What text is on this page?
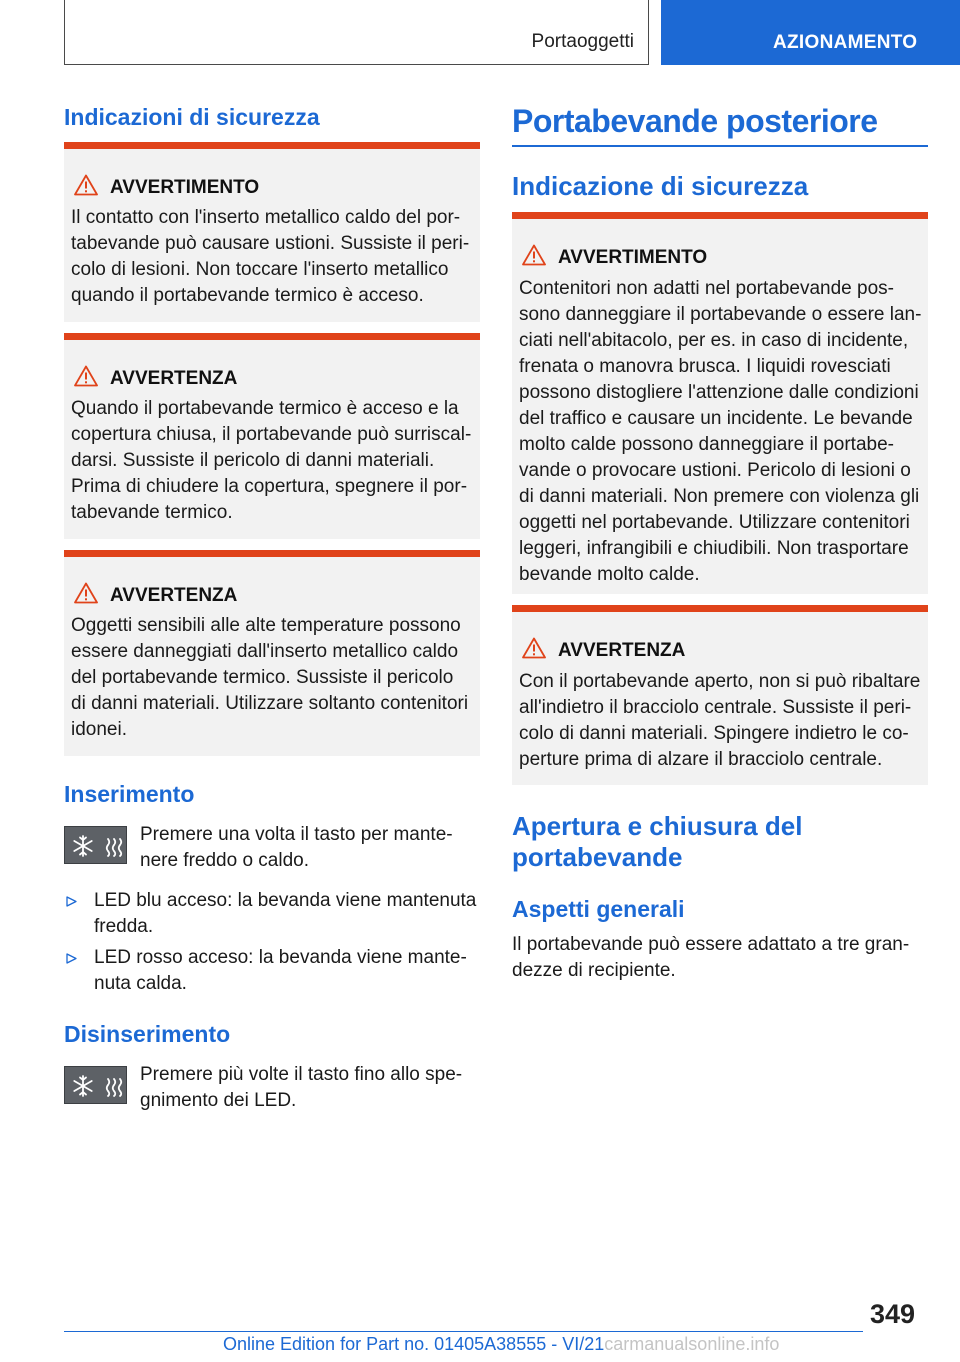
Portaoggetti	AZIONAMENTO
Indicazioni di sicurezza
AVVERTIMENTO
Il contatto con l'inserto metallico caldo del por-
tabevande può causare ustioni. Sussiste il peri-
colo di lesioni. Non toccare l'inserto metallico
quando il portabevande termico è acceso.
AVVERTENZA
Quando il portabevande termico è acceso e la
copertura chiusa, il portabevande può surriscal-
darsi. Sussiste il pericolo di danni materiali.
Prima di chiudere la copertura, spegnere il por-
tabevande termico.
AVVERTENZA
Oggetti sensibili alle alte temperature possono
essere danneggiati dall'inserto metallico caldo
del portabevande termico. Sussiste il pericolo
di danni materiali. Utilizzare soltanto contenitori
idonei.
Inserimento
Premere una volta il tasto per mante-
nere freddo o caldo.
LED blu acceso: la bevanda viene mantenuta
fredda.
LED rosso acceso: la bevanda viene mante-
nuta calda.
Disinserimento
Premere più volte il tasto fino allo spe-
gnimento dei LED.
Portabevande posteriore
Indicazione di sicurezza
AVVERTIMENTO
Contenitori non adatti nel portabevande pos-
sono danneggiare il portabevande o essere lan-
ciati nell'abitacolo, per es. in caso di incidente,
frenata o manovra brusca. I liquidi rovesciati
possono distogliere l'attenzione dalle condizioni
del traffico e causare un incidente. Le bevande
molto calde possono danneggiare il portabe-
vande o provocare ustioni. Pericolo di lesioni o
di danni materiali. Non premere con violenza gli
oggetti nel portabevande. Utilizzare contenitori
leggeri, infrangibili e chiudibili. Non trasportare
bevande molto calde.
AVVERTENZA
Con il portabevande aperto, non si può ribaltare
all'indietro il bracciolo centrale. Sussiste il peri-
colo di danni materiali. Spingere indietro le co-
perture prima di alzare il bracciolo centrale.
Apertura e chiusura del
portabevande
Aspetti generali
Il portabevande può essere adattato a tre gran-
dezze di recipiente.
349
Online Edition for Part no. 01405A38555 - VI/21carmanualsonline.info
